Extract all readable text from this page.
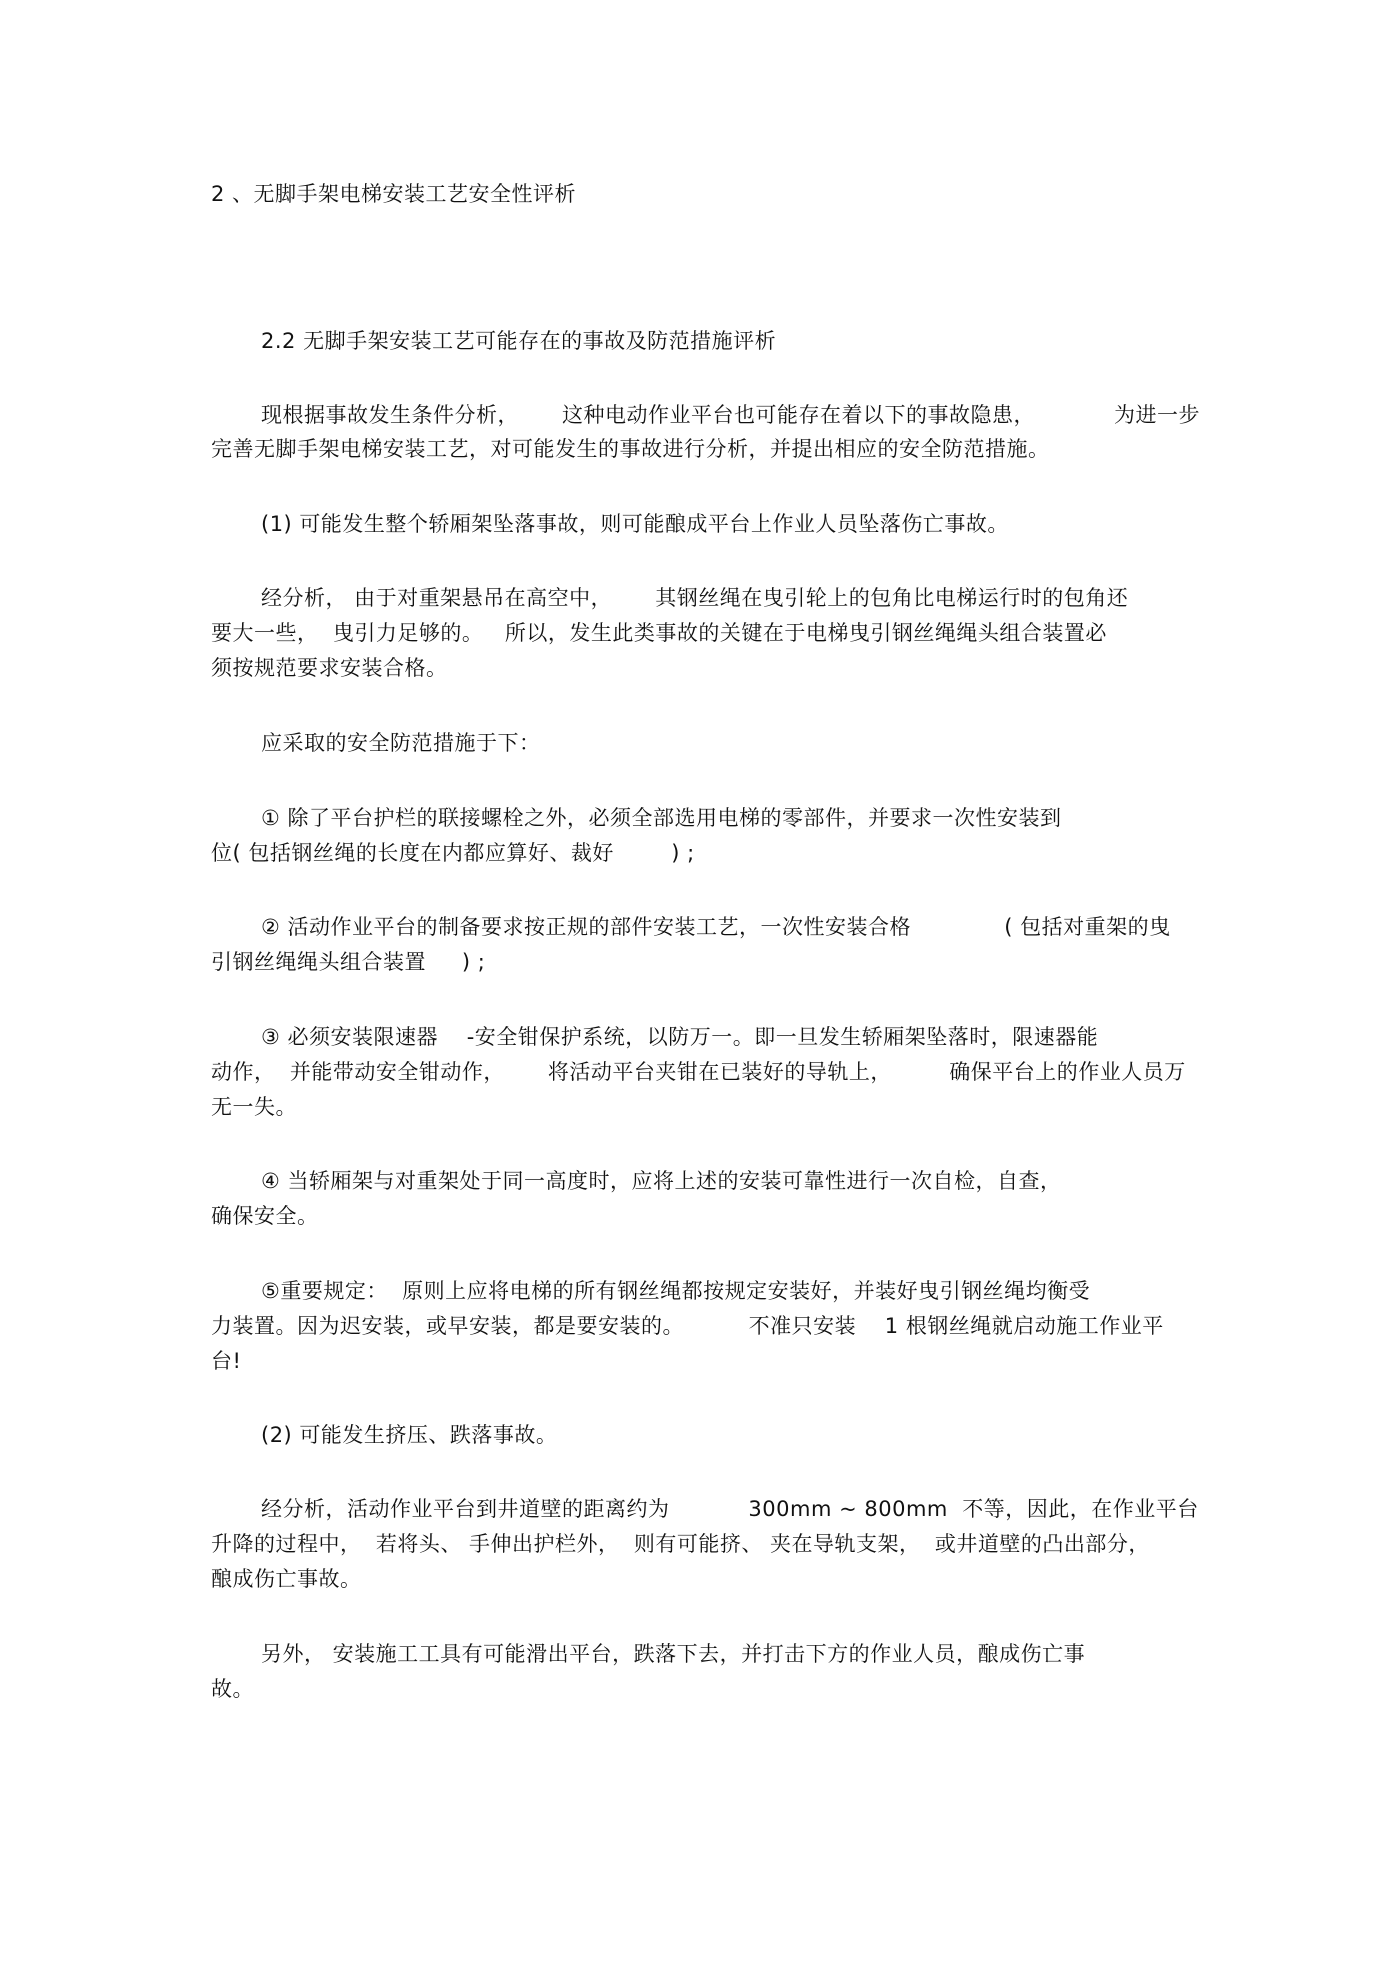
2 、无脚手架电梯安装工艺安全性评析
2.2 无脚手架安装工艺可能存在的事故及防范措施评析
现根据事故发生条件分析，      这种电动作业平台也可能存在着以下的事故隐患，           为进一步
完善无脚手架电梯安装工艺，对可能发生的事故进行分析，并提出相应的安全防范措施。
(1) 可能发生整个轿厢架坠落事故，则可能酿成平台上作业人员坠落伤亡事故。
经分析， 由于对重架悬吊在高空中，      其钢丝绳在曳引轮上的包角比电梯运行时的包角还
要大一些，  曳引力足够的。   所以，发生此类事故的关键在于电梯曳引钢丝绳绳头组合装置必
须按规范要求安装合格。
应采取的安全防范措施于下：
① 除了平台护栏的联接螺栓之外，必须全部选用电梯的零部件，并要求一次性安装到
位( 包括钢丝绳的长度在内都应算好、裁好        ) ;
② 活动作业平台的制备要求按正规的部件安装工艺，一次性安装合格             ( 包括对重架的曳
引钢丝绳绳头组合装置     ) ;
③ 必须安装限速器    -安全钳保护系统，以防万一。即一旦发生轿厢架坠落时，限速器能
动作，  并能带动安全钳动作，      将活动平台夹钳在已装好的导轨上，        确保平台上的作业人员万
无一失。
④ 当轿厢架与对重架处于同一高度时，应将上述的安装可靠性进行一次自检，自查，
确保安全。
⑤重要规定：  原则上应将电梯的所有钢丝绳都按规定安装好，并装好曳引钢丝绳均衡受
力装置。因为迟安装，或早安装，都是要安装的。         不准只安装    1 根钢丝绳就启动施工作业平
台!
(2) 可能发生挤压、跌落事故。
经分析，活动作业平台到井道壁的距离约为           300mm ~ 800mm  不等，因此，在作业平台
升降的过程中，  若将头、 手伸出护栏外，  则有可能挤、 夹在导轨支架，  或井道壁的凸出部分，
酿成伤亡事故。
另外， 安装施工工具有可能滑出平台，跌落下去，并打击下方的作业人员，酿成伤亡事
故。
